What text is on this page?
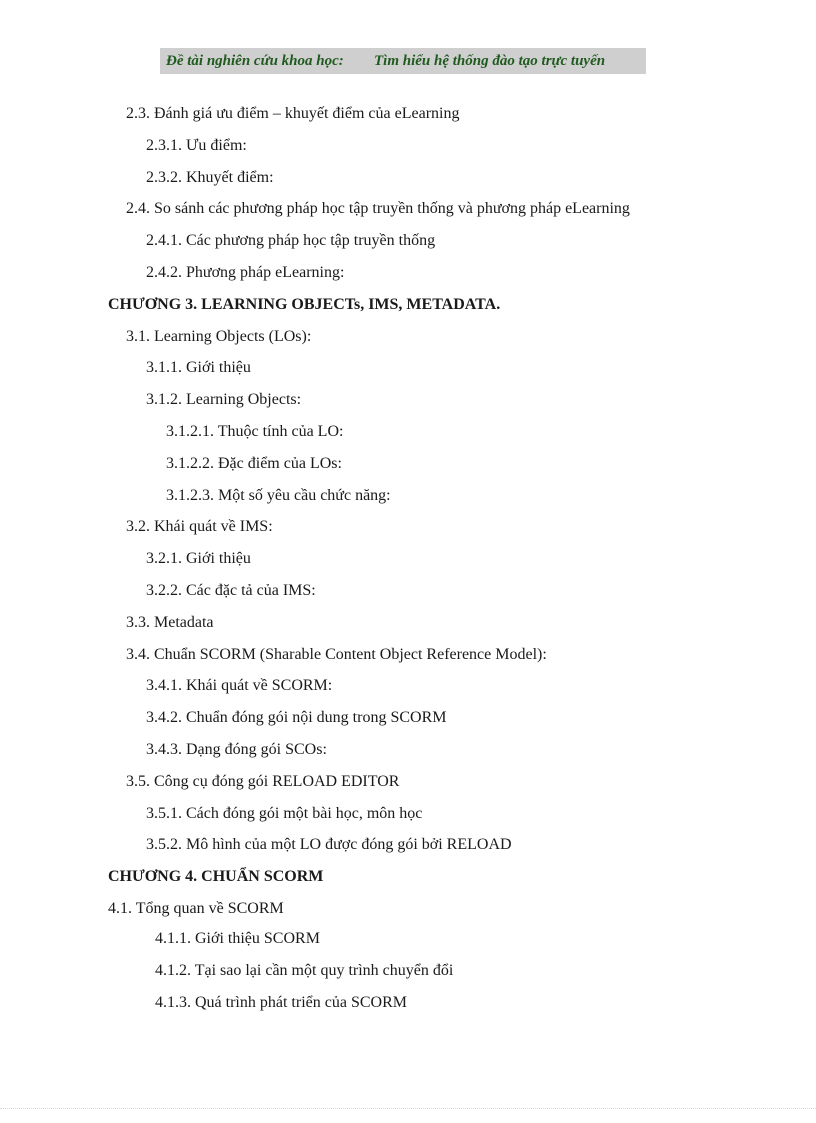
Đề tài nghiên cứu khoa học: Tìm hiểu hệ thống đào tạo trực tuyến
2.3. Đánh giá ưu điểm – khuyết điểm của eLearning
2.3.1. Ưu điểm:
2.3.2. Khuyết điểm:
2.4. So sánh các phương pháp học tập truyền thống và phương pháp eLearning
2.4.1. Các phương pháp học tập truyền thống
2.4.2. Phương pháp eLearning:
CHƯƠNG 3. LEARNING OBJECTs, IMS, METADATA.
3.1. Learning Objects (LOs):
3.1.1. Giới thiệu
3.1.2. Learning Objects:
3.1.2.1. Thuộc tính của LO:
3.1.2.2. Đặc điểm của LOs:
3.1.2.3. Một số yêu cầu chức năng:
3.2. Khái quát về IMS:
3.2.1. Giới thiệu
3.2.2. Các đặc tả của IMS:
3.3. Metadata
3.4. Chuẩn SCORM (Sharable Content Object Reference Model):
3.4.1. Khái quát về SCORM:
3.4.2. Chuẩn đóng gói nội dung trong SCORM
3.4.3. Dạng đóng gói SCOs:
3.5. Công cụ đóng gói RELOAD EDITOR
3.5.1. Cách đóng gói một bài học, môn học
3.5.2. Mô hình của một LO được đóng gói bởi RELOAD
CHƯƠNG 4. CHUẨN SCORM
4.1. Tổng quan về SCORM
4.1.1. Giới thiệu SCORM
4.1.2. Tại sao lại cần một quy trình chuyển đổi
4.1.3. Quá trình phát triển của SCORM
